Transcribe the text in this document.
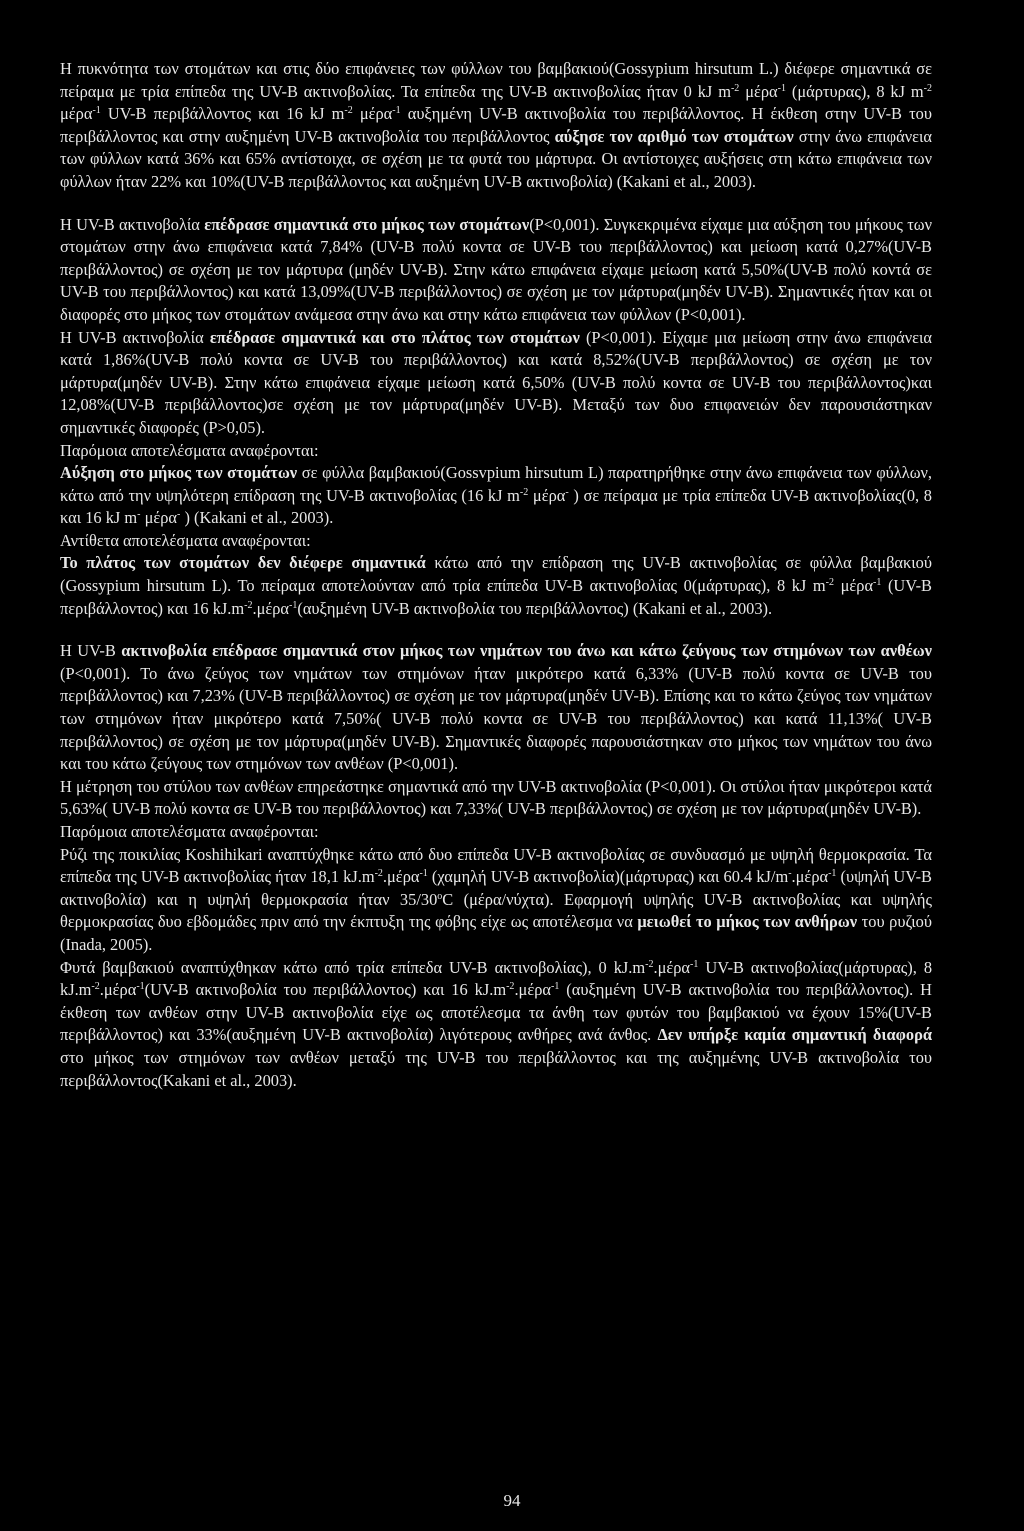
Η πυκνότητα των στομάτων και στις δύο επιφάνειες των φύλλων του βαμβακιού(Gossypium hirsutum L.) διέφερε σημαντικά σε πείραμα με τρία επίπεδα της UV-B ακτινοβολίας. Τα επίπεδα της UV-B ακτινοβολίας ήταν 0 kJ $m^{-2}$ μέρα$^{-1}$ (μάρτυρας), 8 kJ $m^{-2}$ μέρα$^{-1}$ UV-B περιβάλλοντος και 16 kJ $m^{-2}$ μέρα$^{-1}$ αυξημένη UV-B ακτινοβολία του περιβάλλοντος. Η έκθεση στην UV-B του περιβάλλοντος και στην αυξημένη UV-B ακτινοβολία του περιβάλλοντος αύξησε τον αριθμό των στομάτων στην άνω επιφάνεια των φύλλων κατά 36% και 65% αντίστοιχα, σε σχέση με τα φυτά του μάρτυρα. Οι αντίστοιχες αυξήσεις στη κάτω επιφάνεια των φύλλων ήταν 22% και 10%(UV-B περιβάλλοντος και αυξημένη UV-B ακτινοβολία) (Kakani et al., 2003).

Η UV-B ακτινοβολία επέδρασε σημαντικά στο μήκος των στομάτων(P<0,001). Συγκεκριμένα είχαμε μια αύξηση του μήκους των στομάτων στην άνω επιφάνεια κατά 7,84% (UV-B πολύ κοντα σε UV-B του περιβάλλοντος) και μείωση κατά 0,27%(UV-B περιβάλλοντος) σε σχέση με τον μάρτυρα (μηδέν UV-B). Στην κάτω επιφάνεια είχαμε μείωση κατά 5,50%(UV-B πολύ κοντά σε UV-B του περιβάλλοντος) και κατά 13,09%(UV-B περιβάλλοντος) σε σχέση με τον μάρτυρα(μηδέν UV-B). Σημαντικές ήταν και οι διαφορές στο μήκος των στομάτων ανάμεσα στην άνω και στην κάτω επιφάνεια των φύλλων (P<0,001).

Η UV-B ακτινοβολία επέδρασε σημαντικά και στο πλάτος των στομάτων (P<0,001). Είχαμε μια μείωση στην άνω επιφάνεια κατά 1,86%(UV-B πολύ κοντα σε UV-B του περιβάλλοντος) και κατά 8,52%(UV-B περιβάλλοντος) σε σχέση με τον μάρτυρα(μηδέν UV-B). Στην κάτω επιφάνεια είχαμε μείωση κατά 6,50% (UV-B πολύ κοντα σε UV-B του περιβάλλοντος)και 12,08%(UV-B περιβάλλοντος)σε σχέση με τον μάρτυρα(μηδέν UV-B). Μεταξύ των δυο επιφανειών δεν παρουσιάστηκαν σημαντικές διαφορές (P>0,05).

Παρόμοια αποτελέσματα αναφέρονται:

Αύξηση στο μήκος των στομάτων σε φύλλα βαμβακιού(Gossvpium hirsutum L) παρατηρήθηκε στην άνω επιφάνεια των φύλλων, κάτω από την υψηλότερη επίδραση της UV-B ακτινοβολίας (16 kJ $m^{-2}$ μέρα- ) σε πείραμα με τρία επίπεδα UV-B ακτινοβολίας(0, 8 και 16 kJ m- μέρα- ) (Kakani et al., 2003).

Αντίθετα αποτελέσματα αναφέρονται:

Το πλάτος των στομάτων δεν διέφερε σημαντικά κάτω από την επίδραση της UV-B ακτινοβολίας σε φύλλα βαμβακιού (Gossypium hirsutum L). Το πείραμα αποτελούνταν από τρία επίπεδα UV-B ακτινοβολίας 0(μάρτυρας), 8 kJ $m^{-2}$ μέρα$^{-1}$ (UV-B περιβάλλοντος) και 16 $kJ.m^{-2}.\mu έ\rho\alpha^{-1}(\alpha\upsilon\xi\eta\mu έ\nu\eta$ UV-B ακτινοβολία του περιβάλλοντος) (Kakani et al., 2003).

Η UV-B ακτινοβολία επέδρασε σημαντικά στον μήκος των νημάτων του άνω και κάτω ζεύγους των στημόνων των ανθέων (P<0,001). Το άνω ζεύγος των νημάτων των στημόνων ήταν μικρότερο κατά 6,33% (UV-B πολύ κοντα σε UV-B του περιβάλλοντος) και 7,23% (UV-B περιβάλλοντος) σε σχέση με τον μάρτυρα(μηδέν UV-B). Επίσης και το κάτω ζεύγος των νημάτων των στημόνων ήταν μικρότερο κατά 7,50%( UV-B πολύ κοντα σε UV-B του περιβάλλοντος) και κατά 11,13%( UV-B περιβάλλοντος) σε σχέση με τον μάρτυρα(μηδέν UV-B). Σημαντικές διαφορές παρουσιάστηκαν στο μήκος των νημάτων του άνω και του κάτω ζεύγους των στημόνων των ανθέων (P<0,001).

Η μέτρηση του στύλου των ανθέων επηρεάστηκε σημαντικά από την UV-B ακτινοβολία (P<0,001). Οι στύλοι ήταν μικρότεροι κατά 5,63%( UV-B πολύ κοντα σε UV-B του περιβάλλοντος) και 7,33%( UV-B περιβάλλοντος) σε σχέση με τον μάρτυρα(μηδέν UV-B).

Παρόμοια αποτελέσματα αναφέρονται:

Ρύζι της ποικιλίας Koshihikari αναπτύχθηκε κάτω από δυο επίπεδα UV-B ακτινοβολίας σε συνδυασμό με υψηλή θερμοκρασία. Τα επίπεδα της UV-B ακτινοβολίας ήταν 18,1 $kJ.m^{-2}.\mu έ\rho\alpha^{-1}$ (χαμηλή UV-B ακτινοβολία)(μάρτυρας) και 60.4 kJ/m-.μέρα$^{-1}$ (υψηλή UV-B ακτινοβολία) και η υψηλή θερμοκρασία ήταν 35/30$^o$C (μέρα/νύχτα). Εφαρμογή υψηλής UV-B ακτινοβολίας και υψηλής θερμοκρασίας δυο εβδομάδες πριν από την έκπτυξη της φόβης είχε ως αποτέλεσμα να μειωθεί το μήκος των ανθήρων του ρυζιού (Inada, 2005).

Φυτά βαμβακιού αναπτύχθηκαν κάτω από τρία επίπεδα UV-B ακτινοβολίας), 0 $kJ.m^{-2}.\mu έ\rho\alpha^{-1}$ UV-B ακτινοβολίας(μάρτυρας), 8 $kJ.m^{-2}.\mu έ\rho\alpha^{-1}(UV-B$ ακτινοβολία του περιβάλλοντος) και 16 $kJ.m^{-2}.\mu έ\rho\alpha^{-1}$ (αυξημένη UV-B ακτινοβολία του περιβάλλοντος). Η έκθεση των ανθέων στην UV-B ακτινοβολία είχε ως αποτέλεσμα τα άνθη των φυτών του βαμβακιού να έχουν 15%(UV-B περιβάλλοντος) και 33%(αυξημένη UV-B ακτινοβολία) λιγότερους ανθήρες ανά άνθος. Δεν υπήρξε καμία σημαντική διαφορά στο μήκος των στημόνων των ανθέων μεταξύ της UV-B του περιβάλλοντος και της αυξημένης UV-B ακτινοβολία του περιβάλλοντος(Kakani et al., 2003).

94
